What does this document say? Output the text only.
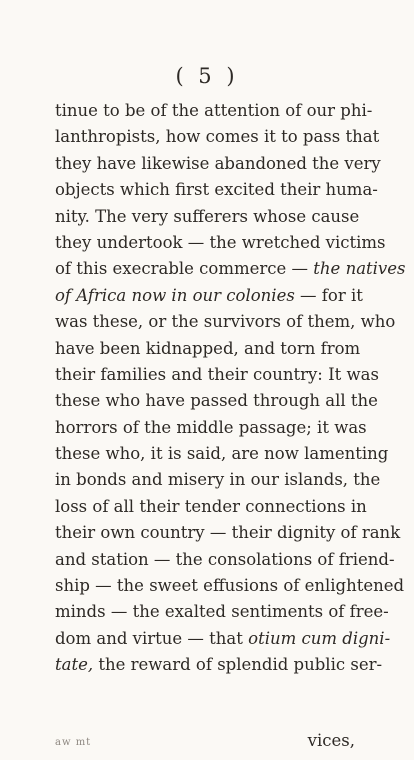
( 5 )
tinue to be of the attention of our phi-
lanthropists, how comes it to pass that
they have likewise abandoned the very
objects which first excited their huma-
nity. The very sufferers whose cause
they undertook — the wretched victims
of this execrable commerce — the natives
of Africa now in our colonies — for it
was these, or the survivors of them, who
have been kidnapped, and torn from
their families and their country: It was
these who have passed through all the
horrors of the middle passage; it was
these who, it is said, are now lamenting
in bonds and misery in our islands, the
loss of all their tender connections in
their own country — their dignity of rank
and station — the consolations of friend-
ship — the sweet effusions of enlightened
minds — the exalted sentiments of free-
dom and virtue — that otium cum digni-
tate, the reward of splendid public ser-
aw mt	vices,
